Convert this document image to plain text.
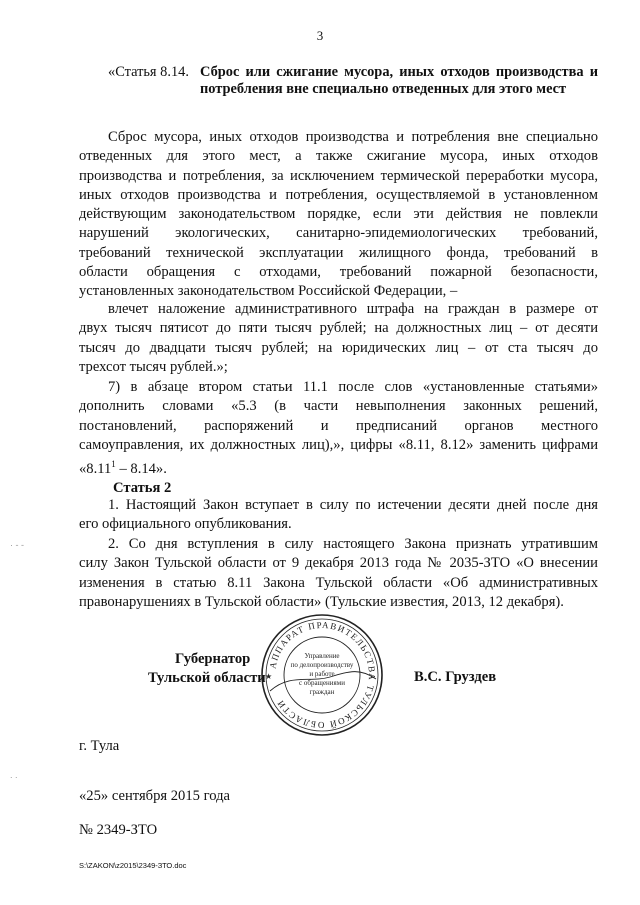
3
«Статья 8.14. Сброс или сжигание мусора, иных отходов производства и потребления вне специально отведенных для этого мест
Сброс мусора, иных отходов производства и потребления вне специально
отведенных для этого мест, а также сжигание мусора, иных отходов
производства и потребления, за исключением термической переработки мусора,
иных отходов производства и потребления, осуществляемой в установленном
действующим законодательством порядке, если эти действия не повлекли
нарушений экологических, санитарно-эпидемиологических требований,
требований технической эксплуатации жилищного фонда, требований в
области обращения с отходами, требований пожарной безопасности,
установленных законодательством Российской Федерации, –
влечет наложение административного штрафа на граждан в размере от
двух тысяч пятисот до пяти тысяч рублей; на должностных лиц – от десяти
тысяч до двадцати тысяч рублей; на юридических лиц – от ста тысяч до
трехсот тысяч рублей.»;
7) в абзаце втором статьи 11.1 после слов «установленные статьями»
дополнить словами «5.3 (в части невыполнения законных решений,
постановлений, распоряжений и предписаний органов местного
самоуправления, их должностных лиц),», цифры «8.11, 8.12» заменить цифрами
«8.11$^1$ – 8.14».
Статья 2
1. Настоящий Закон вступает в силу по истечении десяти дней после дня
его официального опубликования.
2. Со дня вступления в силу настоящего Закона признать утратившим
силу Закон Тульской области от 9 декабря 2013 года № 2035-ЗТО «О внесении
изменения в статью 8.11 Закона Тульской области «Об административных
правонарушениях в Тульской области» (Тульские известия, 2013, 12 декабря).
· - -
. .
АППАРАТ ПРАВИТЕЛЬСТВА ТУЛЬСКОЙ ОБЛАСТИ
★
Управление
по делопроизводству
и работе
с обращениями
граждан
Губернатор
Тульской области	В.С. Груздев
г. Тула
«25» сентября 2015 года
№ 2349-ЗТО
S:\ZAKON\z2015\2349-ЗТО.doc
